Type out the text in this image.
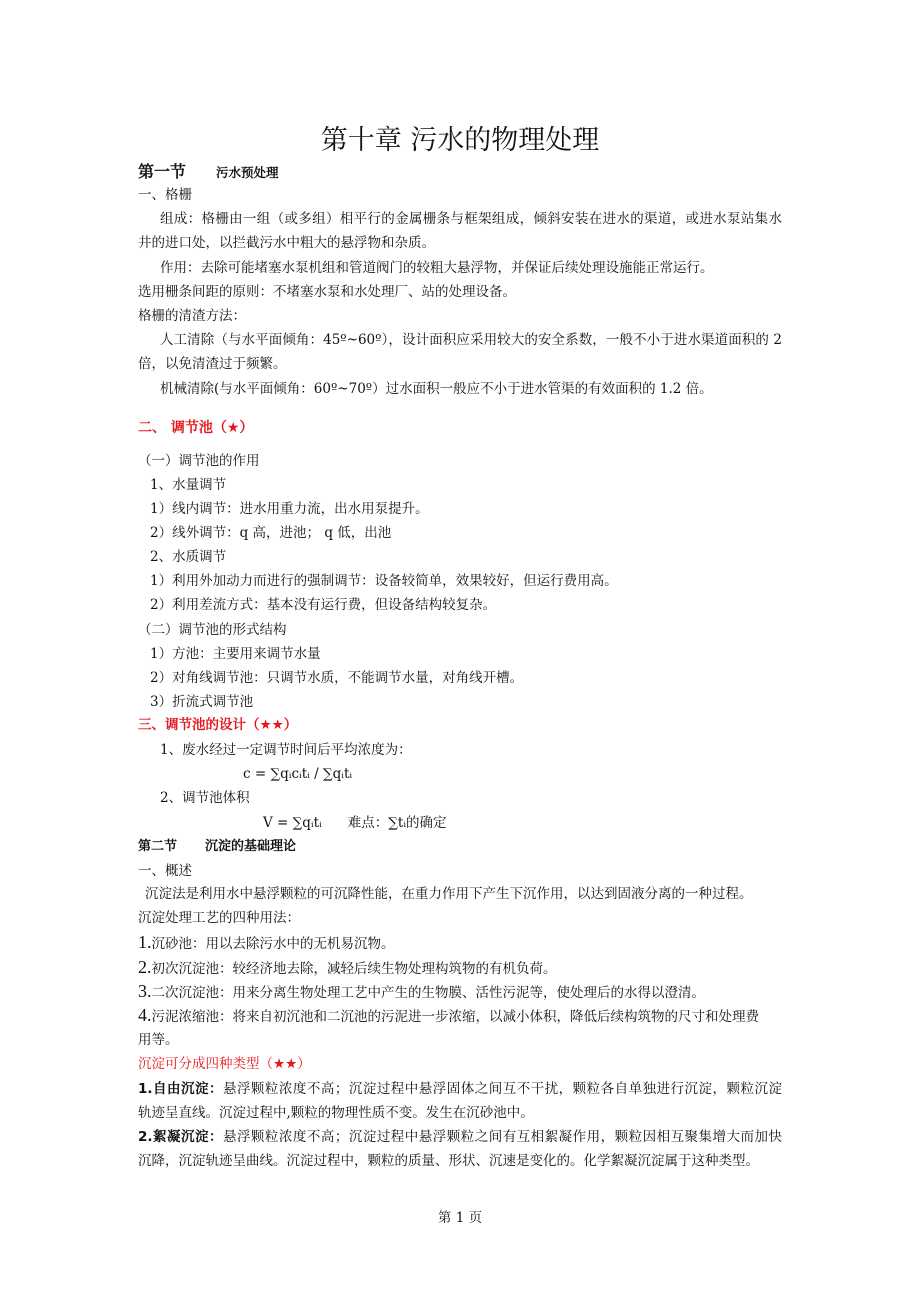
第十章 污水的物理处理
第一节 污水预处理
一、格栅
组成：格栅由一组（或多组）相平行的金属栅条与框架组成，倾斜安装在进水的渠道，或进水泵站集水
井的进口处，以拦截污水中粗大的悬浮物和杂质。
作用：去除可能堵塞水泵机组和管道阀门的较粗大悬浮物，并保证后续处理设施能正常运行。
选用栅条间距的原则：不堵塞水泵和水处理厂、站的处理设备。
格栅的清渣方法：
人工清除（与水平面倾角：45º~60º），设计面积应采用较大的安全系数，一般不小于进水渠道面积的 2
倍，以免清渣过于频繁。
机械清除(与水平面倾角：60º~70º）过水面积一般应不小于进水管渠的有效面积的 1.2 倍。
二、 调节池（★）
（一）调节池的作用
1、水量调节
1）线内调节：进水用重力流，出水用泵提升。
2）线外调节：q 高，进池； q 低，出池
2、水质调节
1）利用外加动力而进行的强制调节：设备较简单，效果较好，但运行费用高。
2）利用差流方式：基本没有运行费，但设备结构较复杂。
（二）调节池的形式结构
1）方池：主要用来调节水量
2）对角线调节池：只调节水质，不能调节水量，对角线开槽。
3）折流式调节池
三、调节池的设计（★★）
1、废水经过一定调节时间后平均浓度为：
c = ∑qᵢcᵢtᵢ / ∑qᵢtᵢ
2、调节池体积
V = ∑qᵢtᵢ 难点：∑tᵢ的确定
第二节 沉淀的基础理论
一、概述
沉淀法是利用水中悬浮颗粒的可沉降性能，在重力作用下产生下沉作用，以达到固液分离的一种过程。
沉淀处理工艺的四种用法：
1.沉砂池：用以去除污水中的无机易沉物。
2.初次沉淀池：较经济地去除，减轻后续生物处理构筑物的有机负荷。
3.二次沉淀池：用来分离生物处理工艺中产生的生物膜、活性污泥等，使处理后的水得以澄清。
4.污泥浓缩池：将来自初沉池和二沉池的污泥进一步浓缩，以减小体积，降低后续构筑物的尺寸和处理费
用等。
沉淀可分成四种类型（★★）
1.自由沉淀：悬浮颗粒浓度不高；沉淀过程中悬浮固体之间互不干扰，颗粒各自单独进行沉淀，颗粒沉淀
轨迹呈直线。沉淀过程中,颗粒的物理性质不变。发生在沉砂池中。
2.絮凝沉淀：悬浮颗粒浓度不高；沉淀过程中悬浮颗粒之间有互相絮凝作用，颗粒因相互聚集增大而加快
沉降，沉淀轨迹呈曲线。沉淀过程中，颗粒的质量、形状、沉速是变化的。化学絮凝沉淀属于这种类型。
第 1 页
